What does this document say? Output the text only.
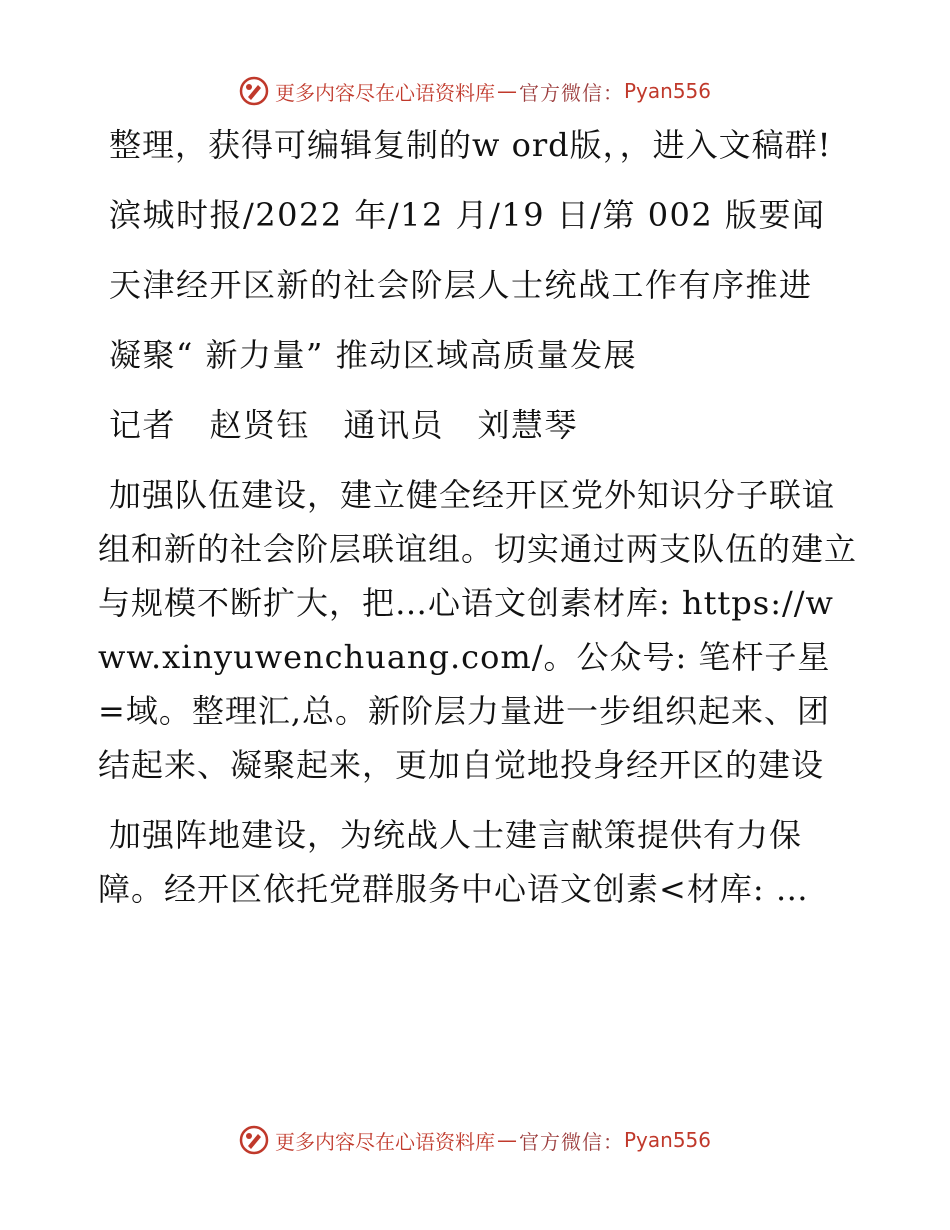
更多内容尽在心语资料库 — 官方微信： Pyan556

整理，获得可编辑复制的w ord版，，进入文稿群!

滨城时报/2022 年/12 月/19 日/第 002 版要闻

天津经开区新的社会阶层人士统战工作有序推进

凝聚“ 新力量” 推动区域高质量发展

记者　赵贤钰　通讯员　刘慧琴

加强队伍建设，建立健全经开区党外知识分子联谊组和新的社会阶层联谊组。切实通过两支队伍的建立与规模不断扩大，把…心语文创素材库: https://www.xinyuwenchuang.com/。公众号: 笔杆子星=域。整理汇,总。新阶层力量进一步组织起来、团结起来、凝聚起来，更加自觉地投身经开区的建设

加强阵地建设，为统战人士建言献策提供有力保障。经开区依托党群服务中心语文创素<材库: …

更多内容尽在心语资料库 — 官方微信： Pyan556
